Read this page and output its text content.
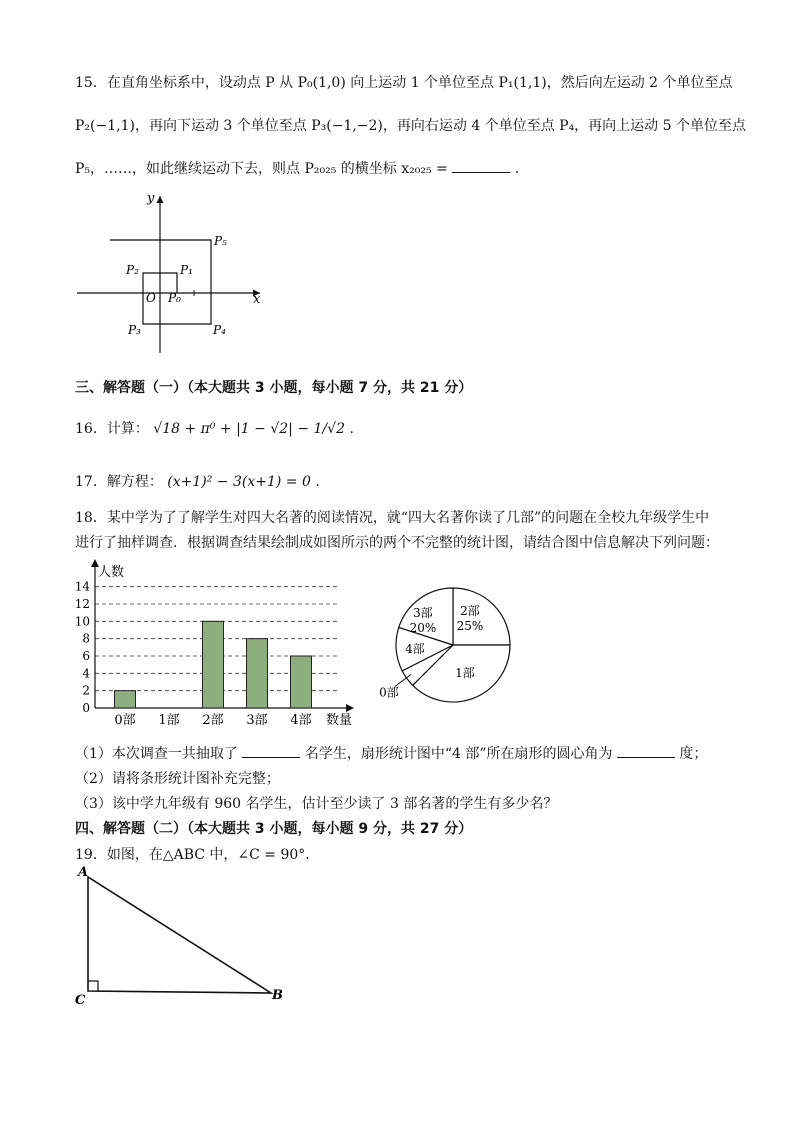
15．在直角坐标系中，设动点 P 从 P₀(1,0) 向上运动 1 个单位至点 P₁(1,1)，然后向左运动 2 个单位至点
P₂(−1,1)，再向下运动 3 个单位至点 P₃(−1,−2)，再向右运动 4 个单位至点 P₄，再向上运动 5 个单位至点
P₅，……，如此继续运动下去，则点 P₂₀₂₅ 的横坐标 x₂₀₂₅ =	.
y
x
O P₀
P₁
P₂
P₃	P₄
P₅
三、解答题（一）（本大题共 3 小题，每小题 7 分，共 21 分）
16．计算： √18 + π⁰ + |1 − √2| − 1/√2 .
17．解方程： (x+1)² − 3(x+1) = 0 .
18．某中学为了了解学生对四大名著的阅读情况，就“四大名著你读了几部”的问题在全校九年级学生中
进行了抽样调查．根据调查结果绘制成如图所示的两个不完整的统计图，请结合图中信息解决下列问题：
0
2
4
6
8
10
12
14
人数
数量
0部 1部 2部 3部 4部
2部
25%
1部
0部
4部
3部
20%
（1）本次调查一共抽取了	名学生，扇形统计图中“4 部”所在扇形的圆心角为	度；
（2）请将条形统计图补充完整；
（3）该中学九年级有 960 名学生，估计至少读了 3 部名著的学生有多少名？
四、解答题（二）（本大题共 3 小题，每小题 9 分，共 27 分）
19．如图，在△ABC 中，∠C = 90°．
A
C	B
